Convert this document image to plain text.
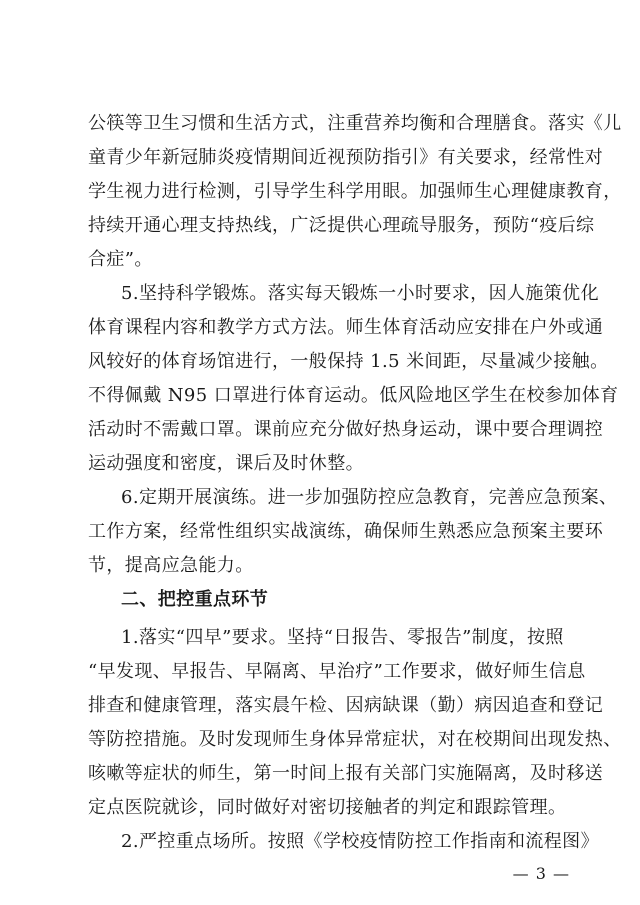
公筷等卫生习惯和生活方式，注重营养均衡和合理膳食。落实《儿
童青少年新冠肺炎疫情期间近视预防指引》有关要求，经常性对
学生视力进行检测，引导学生科学用眼。加强师生心理健康教育，
持续开通心理支持热线，广泛提供心理疏导服务，预防“疫后综
合症”。
5.坚持科学锻炼。落实每天锻炼一小时要求，因人施策优化
体育课程内容和教学方式方法。师生体育活动应安排在户外或通
风较好的体育场馆进行，一般保持 1.5 米间距，尽量减少接触。
不得佩戴 N95 口罩进行体育运动。低风险地区学生在校参加体育
活动时不需戴口罩。课前应充分做好热身运动，课中要合理调控
运动强度和密度，课后及时休整。
6.定期开展演练。进一步加强防控应急教育，完善应急预案、
工作方案，经常性组织实战演练，确保师生熟悉应急预案主要环
节，提高应急能力。
二、把控重点环节
1.落实“四早”要求。坚持“日报告、零报告”制度，按照
“早发现、早报告、早隔离、早治疗”工作要求，做好师生信息
排查和健康管理，落实晨午检、因病缺课（勤）病因追查和登记
等防控措施。及时发现师生身体异常症状，对在校期间出现发热、
咳嗽等症状的师生，第一时间上报有关部门实施隔离，及时移送
定点医院就诊，同时做好对密切接触者的判定和跟踪管理。
2.严控重点场所。按照《学校疫情防控工作指南和流程图》
— 3 —
